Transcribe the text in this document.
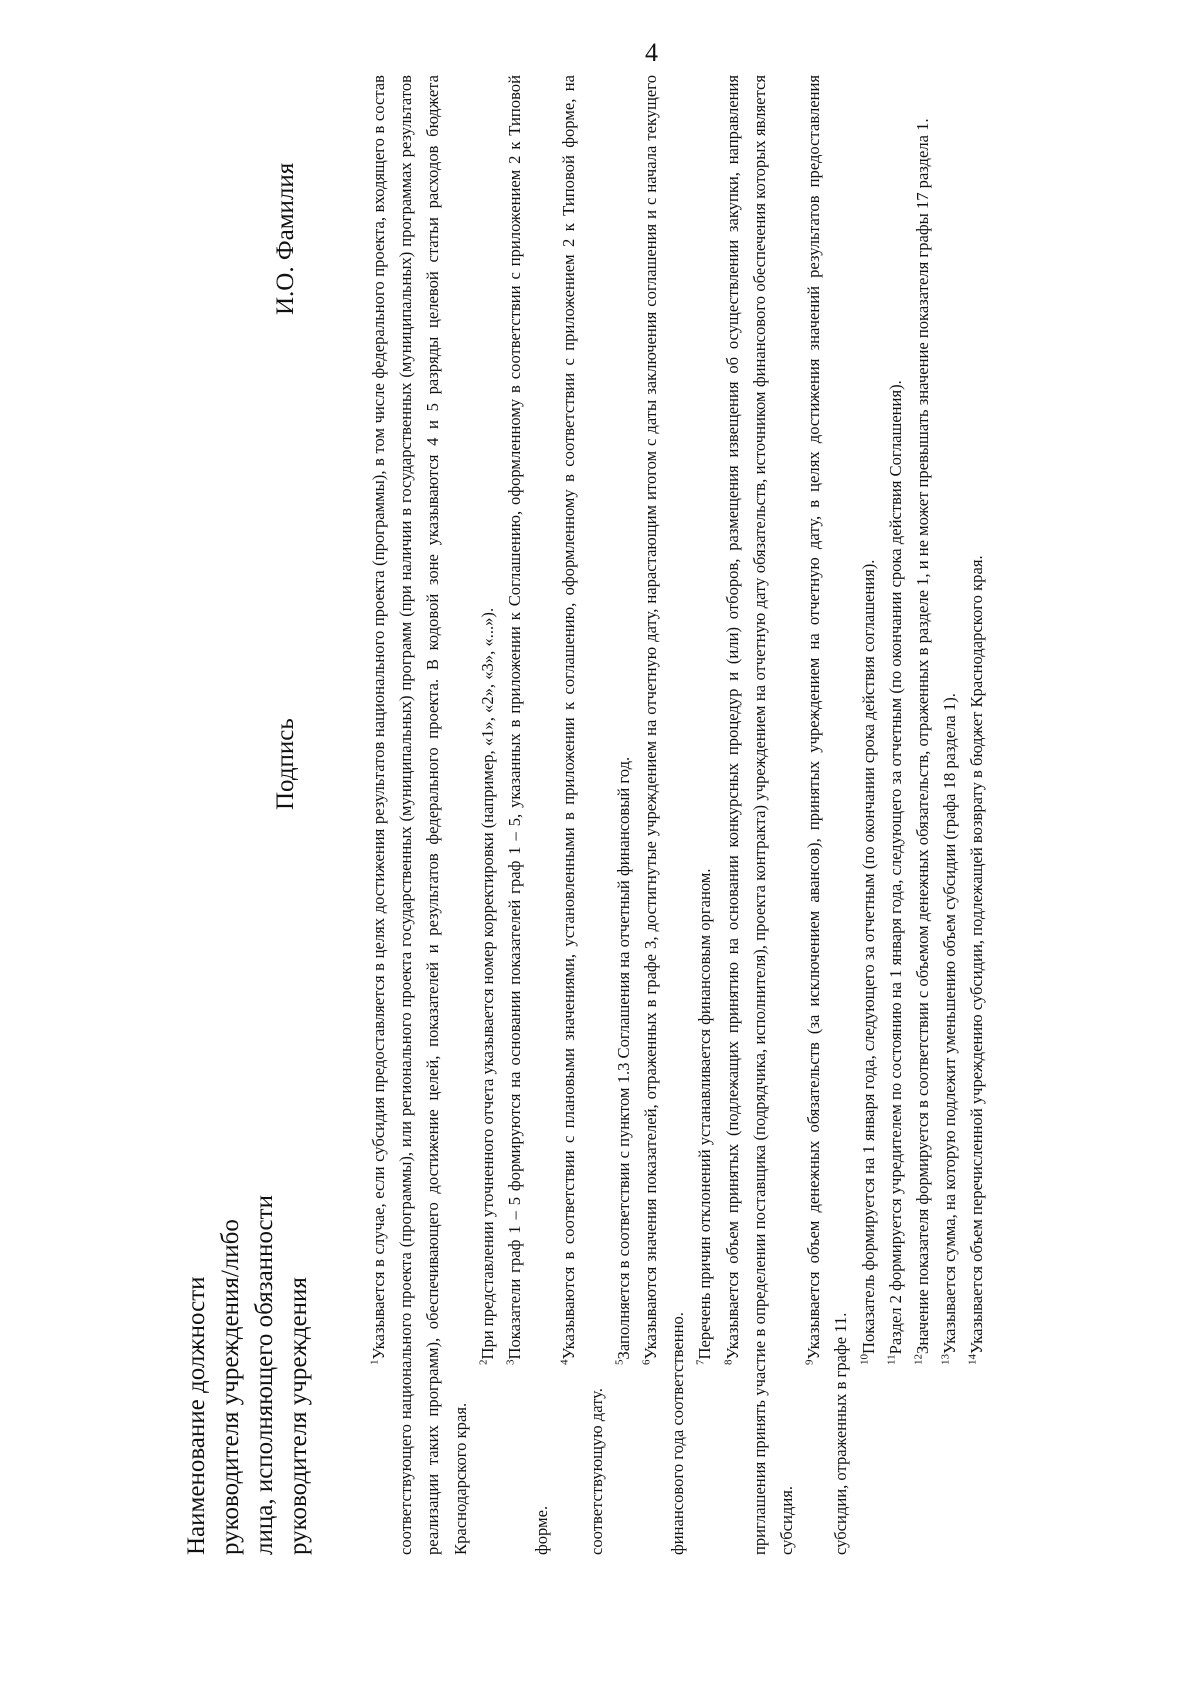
4
Наименование должности руководителя учреждения/либо лица, исполняющего обязанности руководителя учреждения
Подпись
И.О. Фамилия

$^1$Указывается в случае, если субсидия предоставляется в целях достижения результатов национального проекта (программы), в том числе федерального проекта, входящего в состав соответствующего национального проекта (программы), или регионального проекта государственных (муниципальных) программ (при наличии в государственных (муниципальных) программах результатов реализации таких программ), обеспечивающего достижение целей, показателей и результатов федерального проекта. В кодовой зоне указываются 4 и 5 разряды целевой статьи расходов бюджета Краснодарского края.

$^2$При представлении уточненного отчета указывается номер корректировки (например, «1», «2», «3», «...»).

$^3$Показатели граф 1 – 5 формируются на основании показателей граф 1 – 5, указанных в приложении к Соглашению, оформленному в соответствии с приложением 2 к Типовой форме.

$^4$Указываются в соответствии с плановыми значениями, установленными в приложении к соглашению, оформленному в соответствии с приложением 2 к Типовой форме, на соответствующую дату.

$^5$Заполняется в соответствии с пунктом 1.3 Соглашения на отчетный финансовый год.

$^6$Указываются значения показателей, отраженных в графе 3, достигнутые учреждением на отчетную дату, нарастающим итогом с даты заключения соглашения и с начала текущего финансового года соответственно. $^7$Перечень причин отклонений устанавливается финансовым органом.

$^8$Указывается объем принятых (подлежащих принятию на основании конкурсных процедур и (или) отборов, размещения извещения об осуществлении закупки, направления приглашения принять участие в определении поставщика (подрядчика, исполнителя), проекта контракта) учреждением на отчетную дату обязательств, источником финансового обеспечения которых является субсидия.

$^9$Указывается объем денежных обязательств (за исключением авансов), принятых учреждением на отчетную дату, в целях достижения значений результатов предоставления субсидии, отраженных в графе 11. $^{10}$Показатель формируется на 1 января года, следующего за отчетным (по окончании срока действия соглашения).

$^{11}$Раздел 2 формируется учредителем по состоянию на 1 января года, следующего за отчетным (по окончании срока действия Соглашения).

$^{12}$Значение показателя формируется в соответствии с объемом денежных обязательств, отраженных в разделе 1, и не может превышать значение показателя графы 17 раздела 1.

$^{13}$Указывается сумма, на которую подлежит уменьшению объем субсидии (графа 18 раздела 1).

$^{14}$Указывается объем перечисленной учреждению субсидии, подлежащей возврату в бюджет Краснодарского края.
